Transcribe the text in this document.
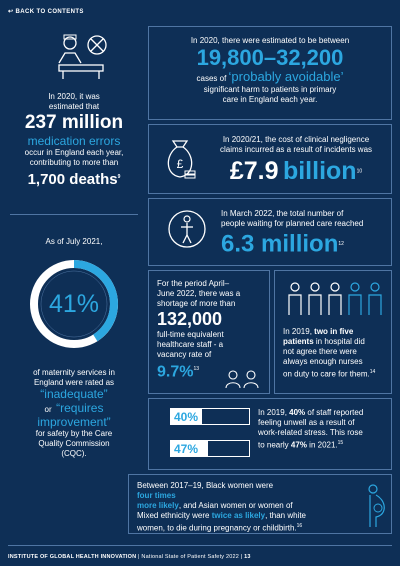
↩ BACK TO CONTENTS
In 2020, it was
estimated that
237 million
medication errors
occur in England each year,
contributing to more than
1,700 deaths$^9$
In 2020, there were estimated to be between
19,800–32,200
cases of ‘probably avoidable’
significant harm to patients in primary
care in England each year.
£
In 2020/21, the cost of clinical negligence
claims incurred as a result of incidents was
£7.9 billion$^{10}$
In March 2022, the total number of
people waiting for planned care reached
6.3 million$^{12}$
As of July 2021,
41%
of maternity services in
England were rated as
“inadequate”
or “requires
improvement”
for safety by the Care
Quality Commission
(CQC).
For the period April–
June 2022, there was a
shortage of more than
132,000
full-time equivalent
healthcare staff - a
vacancy rate of
9.7%$^{13}$
In 2019, two in five
patients in hospital did
not agree there were
always enough nurses
on duty to care for them.$^{14}$
40%
47%
In 2019, 40% of staff reported
feeling unwell as a result of
work-related stress. This rose
to nearly 47% in 2021.15
Between 2017–19, Black women were
four times
more likely, and Asian women or women of
Mixed ethnicity were twice as likely, than white
women, to die during pregnancy or childbirth.$^{16}$
INSTITUTE OF GLOBAL HEALTH INNOVATION | National State of Patient Safety 2022 | 13
